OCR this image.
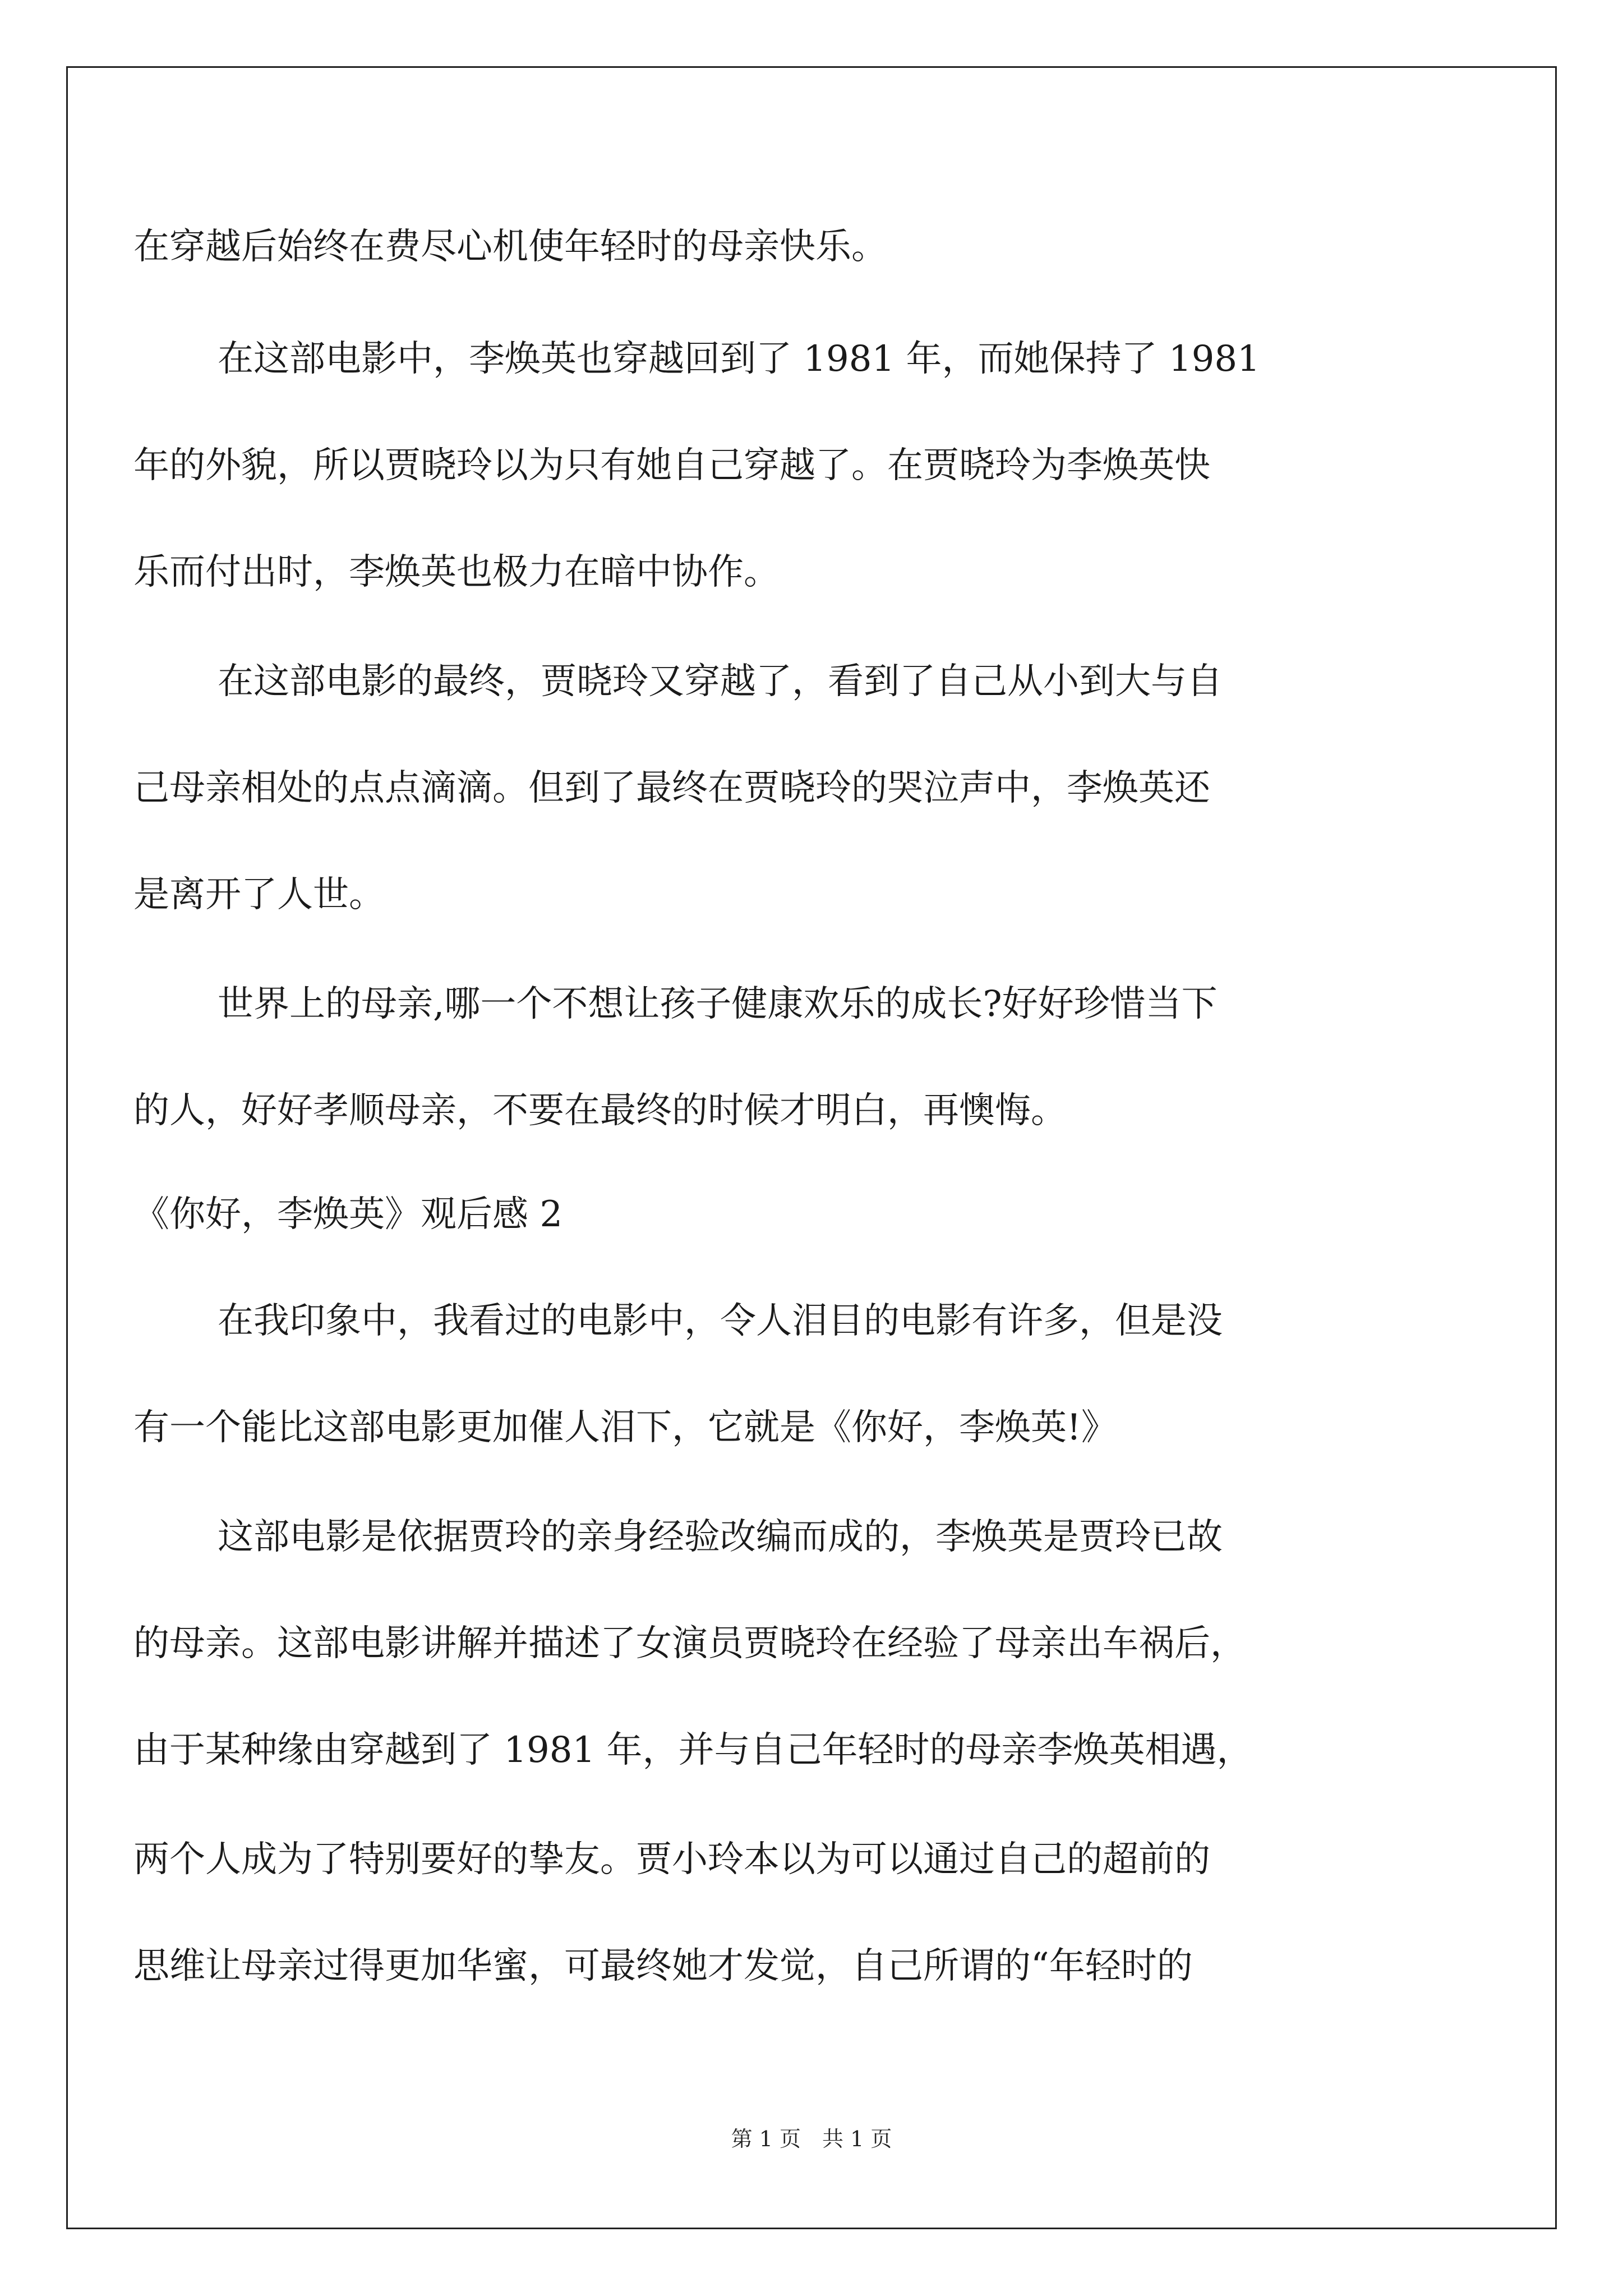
在穿越后始终在费尽心机使年轻时的母亲快乐。
在这部电影中，李焕英也穿越回到了 1981 年，而她保持了 1981
年的外貌，所以贾晓玲以为只有她自己穿越了。在贾晓玲为李焕英快
乐而付出时，李焕英也极力在暗中协作。
在这部电影的最终，贾晓玲又穿越了，看到了自己从小到大与自
己母亲相处的点点滴滴。但到了最终在贾晓玲的哭泣声中，李焕英还
是离开了人世。
世界上的母亲,哪一个不想让孩子健康欢乐的成长?好好珍惜当下
的人，好好孝顺母亲，不要在最终的时候才明白，再懊悔。
《你好，李焕英》观后感 2
在我印象中，我看过的电影中，令人泪目的电影有许多，但是没
有一个能比这部电影更加催人泪下，它就是《你好，李焕英!》
这部电影是依据贾玲的亲身经验改编而成的，李焕英是贾玲已故
的母亲。这部电影讲解并描述了女演员贾晓玲在经验了母亲出车祸后，
由于某种缘由穿越到了 1981 年，并与自己年轻时的母亲李焕英相遇，
两个人成为了特别要好的挚友。贾小玲本以为可以通过自己的超前的
思维让母亲过得更加华蜜，可最终她才发觉，自己所谓的“年轻时的
第 1 页　共 1 页
